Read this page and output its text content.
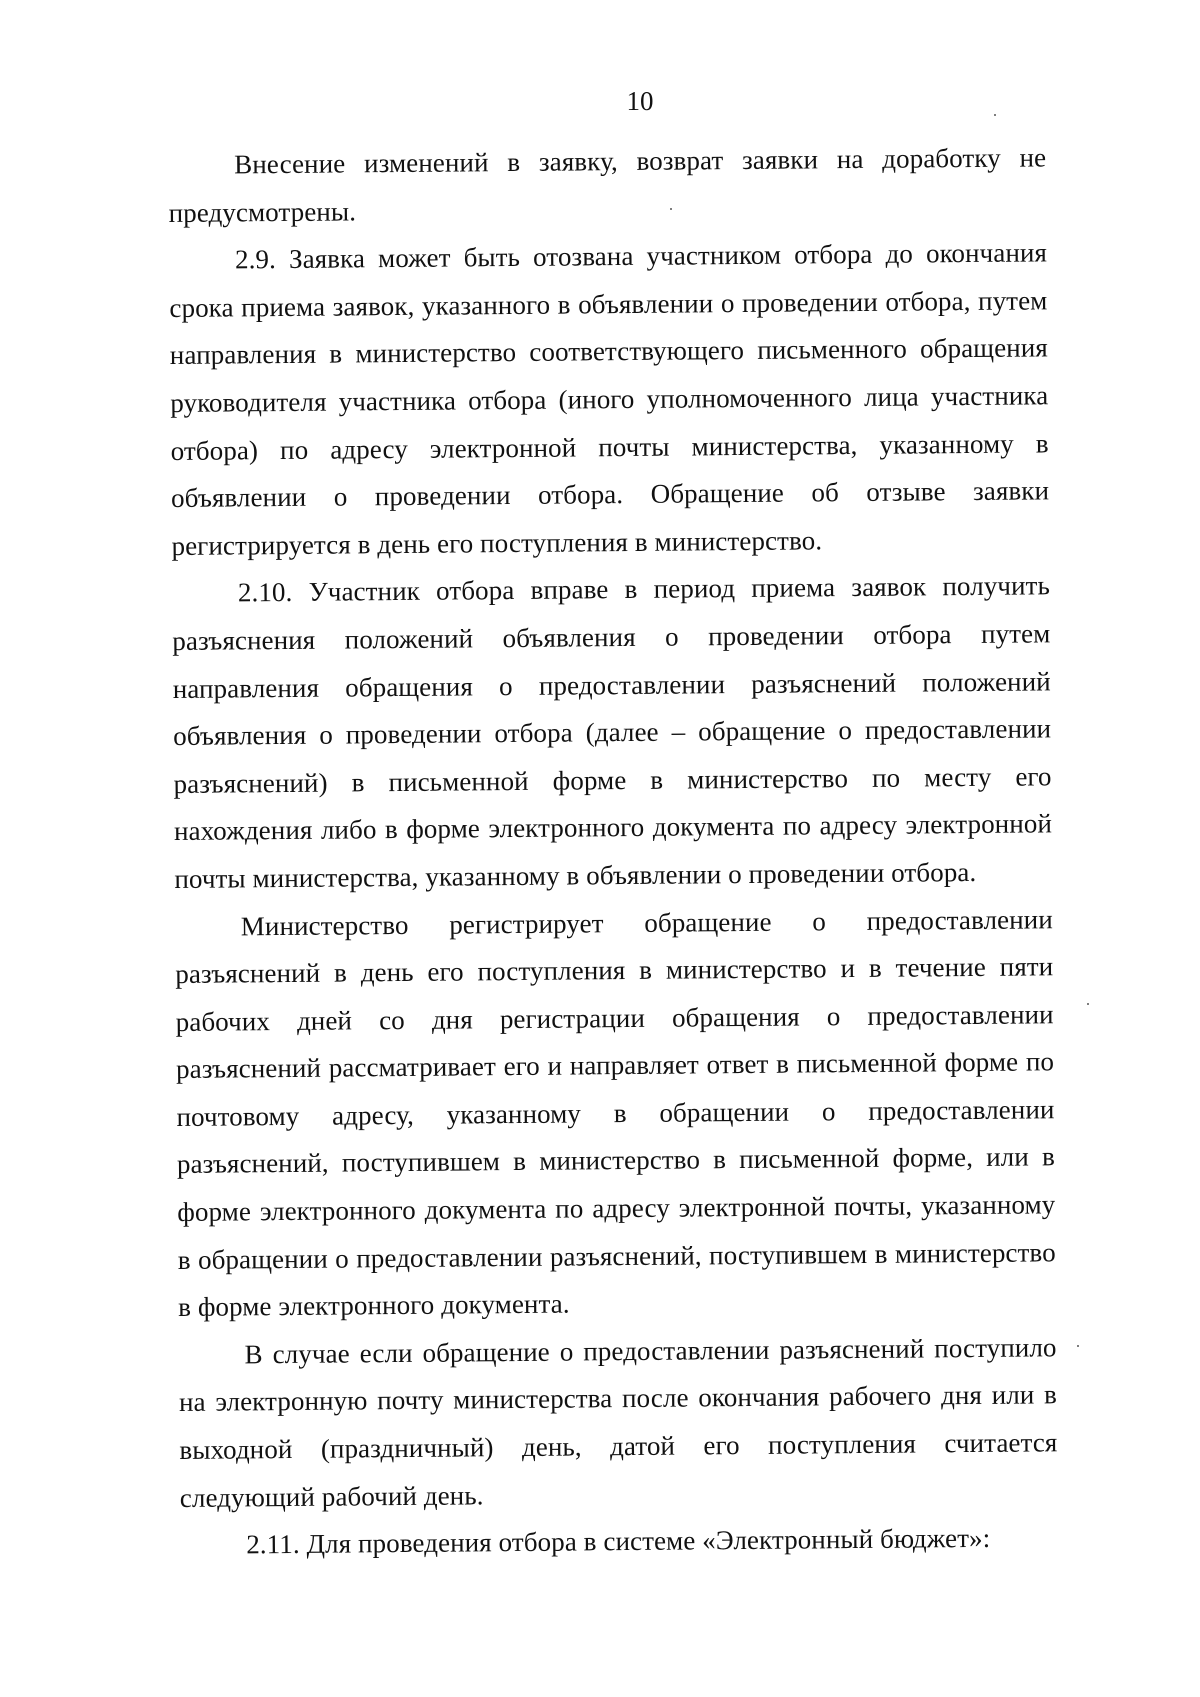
10

Внесение изменений в заявку, возврат заявки на доработку не предусмотрены.

2.9. Заявка может быть отозвана участником отбора до окончания срока приема заявок, указанного в объявлении о проведении отбора, путем направления в министерство соответствующего письменного обращения руководителя участника отбора (иного уполномоченного лица участника отбора) по адресу электронной почты министерства, указанному в объявлении о проведении отбора. Обращение об отзыве заявки регистрируется в день его поступления в министерство.

2.10. Участник отбора вправе в период приема заявок получить разъяснения положений объявления о проведении отбора путем направления обращения о предоставлении разъяснений положений объявления о проведении отбора (далее – обращение о предоставлении разъяснений) в письменной форме в министерство по месту его нахождения либо в форме электронного документа по адресу электронной почты министерства, указанному в объявлении о проведении отбора.

Министерство регистрирует обращение о предоставлении разъяснений в день его поступления в министерство и в течение пяти рабочих дней со дня регистрации обращения о предоставлении разъяснений рассматривает его и направляет ответ в письменной форме по почтовому адресу, указанному в обращении о предоставлении разъяснений, поступившем в министерство в письменной форме, или в форме электронного документа по адресу электронной почты, указанному в обращении о предоставлении разъяснений, поступившем в министерство в форме электронного документа.

В случае если обращение о предоставлении разъяснений поступило на электронную почту министерства после окончания рабочего дня или в выходной (праздничный) день, датой его поступления считается следующий рабочий день.

2.11. Для проведения отбора в системе «Электронный бюджет»:
